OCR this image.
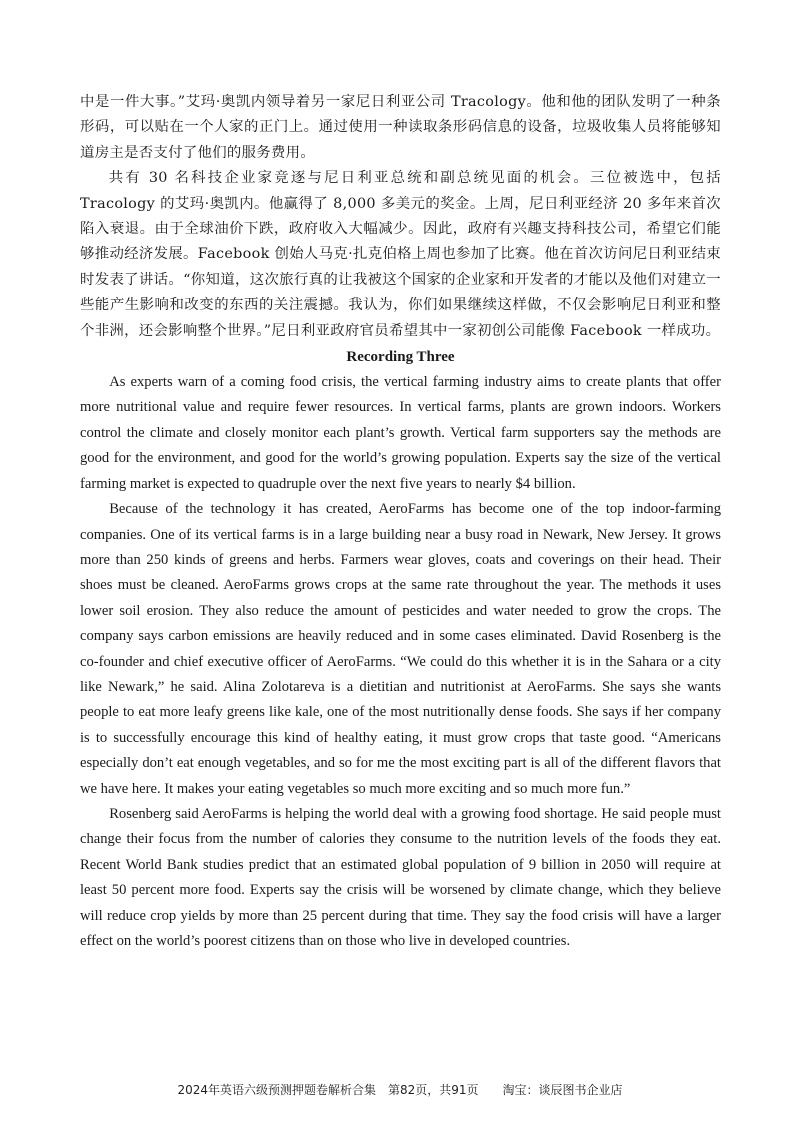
中是一件大事。”艾玛·奥凯内领导着另一家尼日利亚公司 Tracology。他和他的团队发明了一种条形码，可以贴在一个人家的正门上。通过使用一种读取条形码信息的设备，垃圾收集人员将能够知道房主是否支付了他们的服务费用。

共有 30 名科技企业家竞逐与尼日利亚总统和副总统见面的机会。三位被选中，包括 Tracology 的艾玛·奥凯内。他赢得了 8,000 多美元的奖金。上周，尼日利亚经济 20 多年来首次陷入衰退。由于全球油价下跌，政府收入大幅减少。因此，政府有兴趣支持科技公司，希望它们能够推动经济发展。Facebook 创始人马克·扎克伯格上周也参加了比赛。他在首次访问尼日利亚结束时发表了讲话。“你知道，这次旅行真的让我被这个国家的企业家和开发者的才能以及他们对建立一些能产生影响和改变的东西的关注震撼。我认为，你们如果继续这样做，不仅会影响尼日利亚和整个非洲，还会影响整个世界。”尼日利亚政府官员希望其中一家初创公司能像 Facebook 一样成功。

Recording Three

As experts warn of a coming food crisis, the vertical farming industry aims to create plants that offer more nutritional value and require fewer resources. In vertical farms, plants are grown indoors. Workers control the climate and closely monitor each plant’s growth. Vertical farm supporters say the methods are good for the environment, and good for the world’s growing population. Experts say the size of the vertical farming market is expected to quadruple over the next five years to nearly $4 billion.

Because of the technology it has created, AeroFarms has become one of the top indoor-farming companies. One of its vertical farms is in a large building near a busy road in Newark, New Jersey. It grows more than 250 kinds of greens and herbs. Farmers wear gloves, coats and coverings on their head. Their shoes must be cleaned. AeroFarms grows crops at the same rate throughout the year. The methods it uses lower soil erosion. They also reduce the amount of pesticides and water needed to grow the crops. The company says carbon emissions are heavily reduced and in some cases eliminated. David Rosenberg is the co-founder and chief executive officer of AeroFarms. “We could do this whether it is in the Sahara or a city like Newark,” he said. Alina Zolotareva is a dietitian and nutritionist at AeroFarms. She says she wants people to eat more leafy greens like kale, one of the most nutritionally dense foods. She says if her company is to successfully encourage this kind of healthy eating, it must grow crops that taste good. “Americans especially don’t eat enough vegetables, and so for me the most exciting part is all of the different flavors that we have here. It makes your eating vegetables so much more exciting and so much more fun.”

Rosenberg said AeroFarms is helping the world deal with a growing food shortage. He said people must change their focus from the number of calories they consume to the nutrition levels of the foods they eat. Recent World Bank studies predict that an estimated global population of 9 billion in 2050 will require at least 50 percent more food. Experts say the crisis will be worsened by climate change, which they believe will reduce crop yields by more than 25 percent during that time. They say the food crisis will have a larger effect on the world’s poorest citizens than on those who live in developed countries.

2024年英语六级预测押题卷解析合集 第82页，共91页 淘宝：谈辰图书企业店
